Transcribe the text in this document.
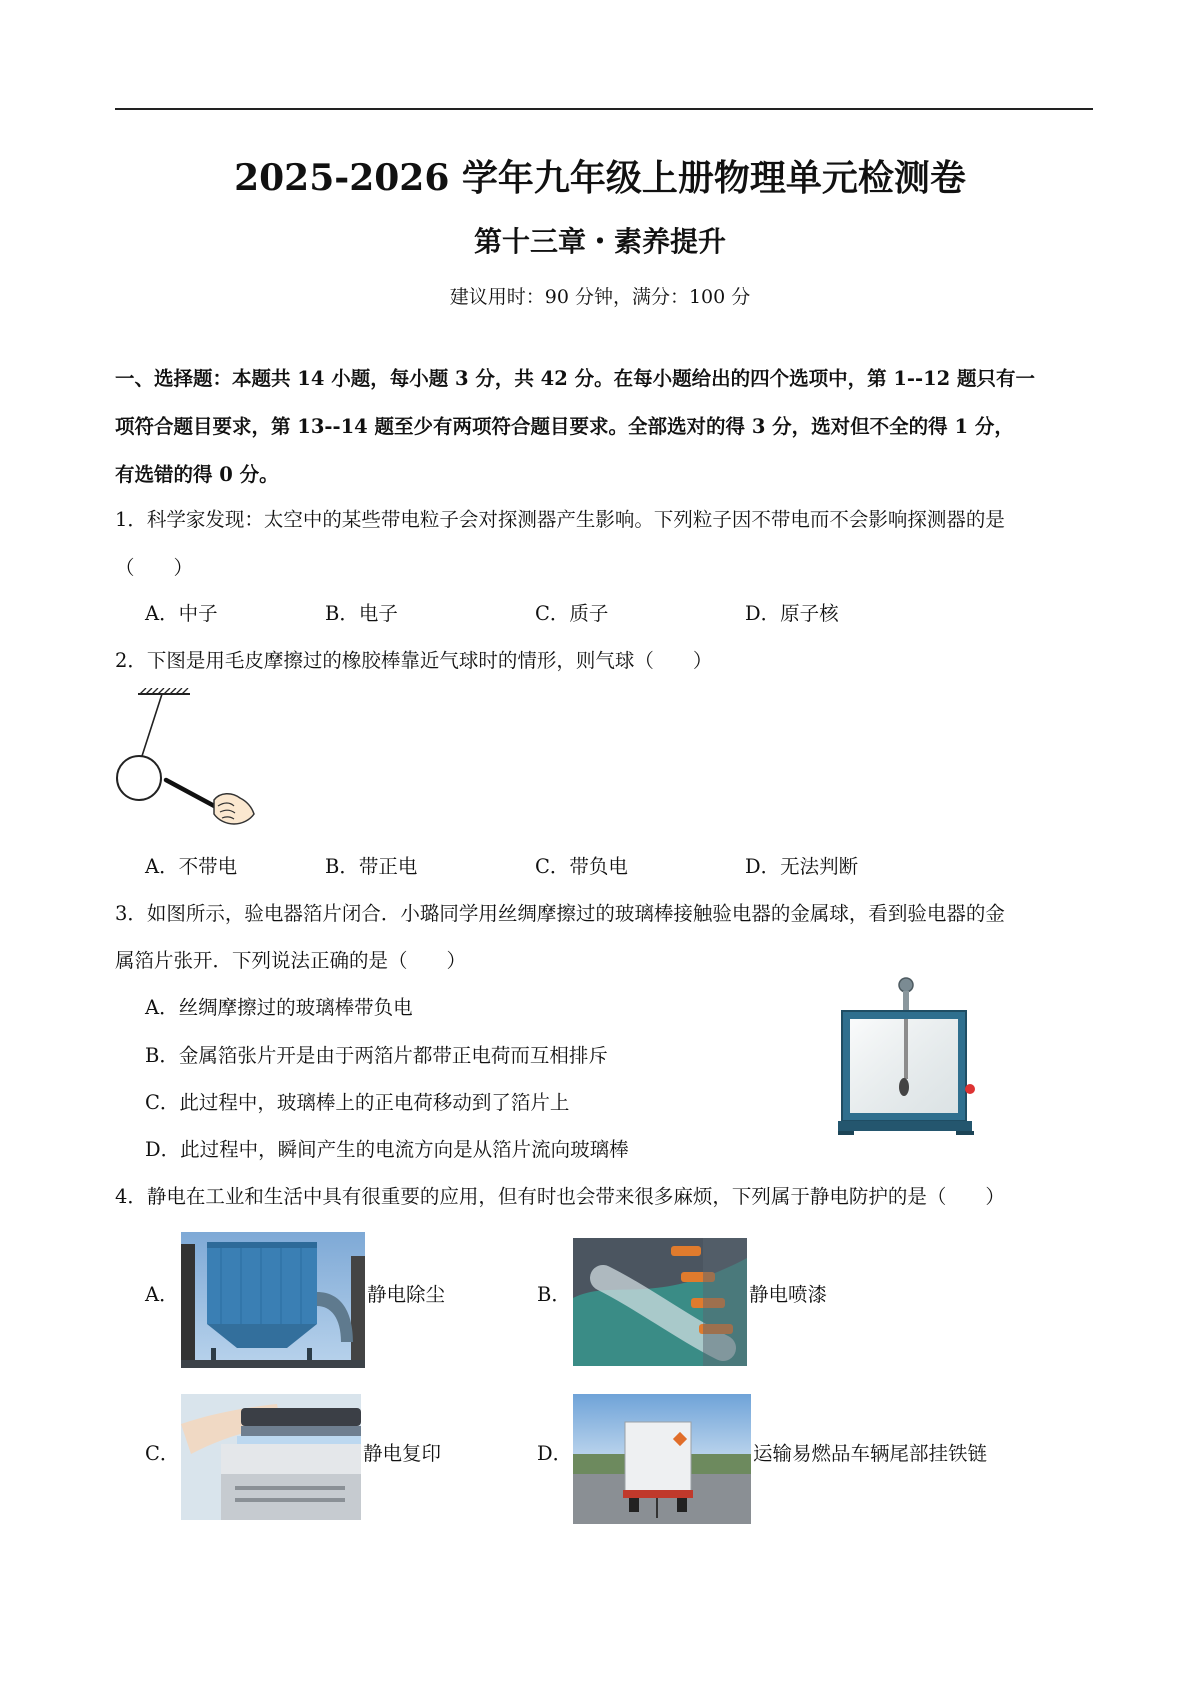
2025-2026 学年九年级上册物理单元检测卷
第十三章・素养提升
建议用时：90 分钟，满分：100 分
一、选择题：本题共 14 小题，每小题 3 分，共 42 分。在每小题给出的四个选项中，第 1--12 题只有一
项符合题目要求，第 13--14 题至少有两项符合题目要求。全部选对的得 3 分，选对但不全的得 1 分，
有选错的得 0 分。
1．科学家发现：太空中的某些带电粒子会对探测器产生影响。下列粒子因不带电而不会影响探测器的是
（　　）
A．中子	B．电子	C．质子	D．原子核
2．下图是用毛皮摩擦过的橡胶棒靠近气球时的情形，则气球（　　）
A．不带电	B．带正电	C．带负电	D．无法判断
3．如图所示，验电器箔片闭合．小璐同学用丝绸摩擦过的玻璃棒接触验电器的金属球，看到验电器的金
属箔片张开．下列说法正确的是（　　）
A．丝绸摩擦过的玻璃棒带负电
B．金属箔张片开是由于两箔片都带正电荷而互相排斥
C．此过程中，玻璃棒上的正电荷移动到了箔片上
D．此过程中，瞬间产生的电流方向是从箔片流向玻璃棒
4．静电在工业和生活中具有很重要的应用，但有时也会带来很多麻烦，下列属于静电防护的是（　　）
A．	静电除尘	B．	静电喷漆
C．	静电复印	D．	运输易燃品车辆尾部挂铁链
